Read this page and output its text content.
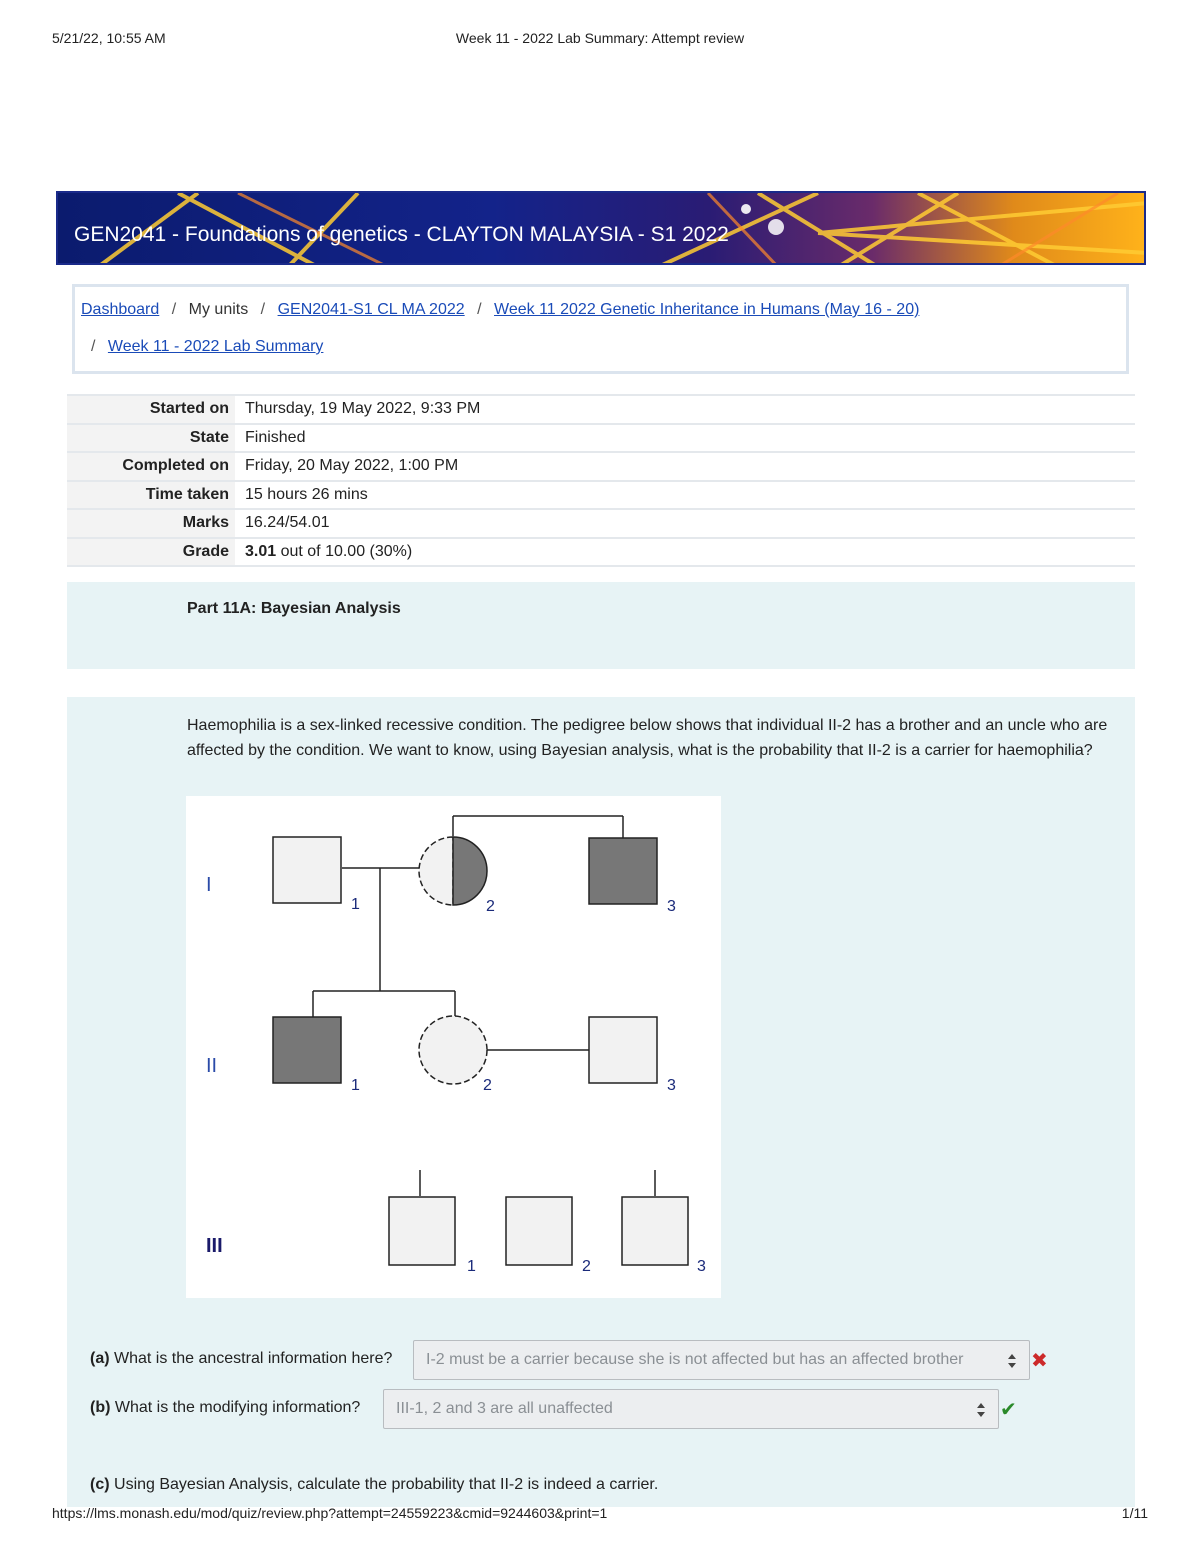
5/21/22, 10:55 AM	Week 11 - 2022 Lab Summary: Attempt review
GEN2041 - Foundations of genetics - CLAYTON MALAYSIA - S1 2022
Dashboard / My units / GEN2041-S1 CL MA 2022 / Week 11 2022 Genetic Inheritance in Humans (May 16 - 20)
/ Week 11 - 2022 Lab Summary
Started on	Thursday, 19 May 2022, 9:33 PM
State	Finished
Completed on	Friday, 20 May 2022, 1:00 PM
Time taken	15 hours 26 mins
Marks	16.24/54.01
Grade	3.01 out of 10.00 (30%)
Part 11A: Bayesian Analysis
Haemophilia is a sex-linked recessive condition. The pedigree below shows that individual II-2 has a brother and an uncle who are affected by the condition. We want to know, using Bayesian analysis, what is the probability that II-2 is a carrier for haemophilia?
I
II
III
1	2	3
1	2	3
1	2	3
(a) What is the ancestral information here?	I-2 must be a carrier because she is not affected but has an affected brother	✖
(b) What is the modifying information?	III-1, 2 and 3 are all unaffected	✔
(c) Using Bayesian Analysis, calculate the probability that II-2 is indeed a carrier.
https://lms.monash.edu/mod/quiz/review.php?attempt=24559223&cmid=9244603&print=1	1/11
